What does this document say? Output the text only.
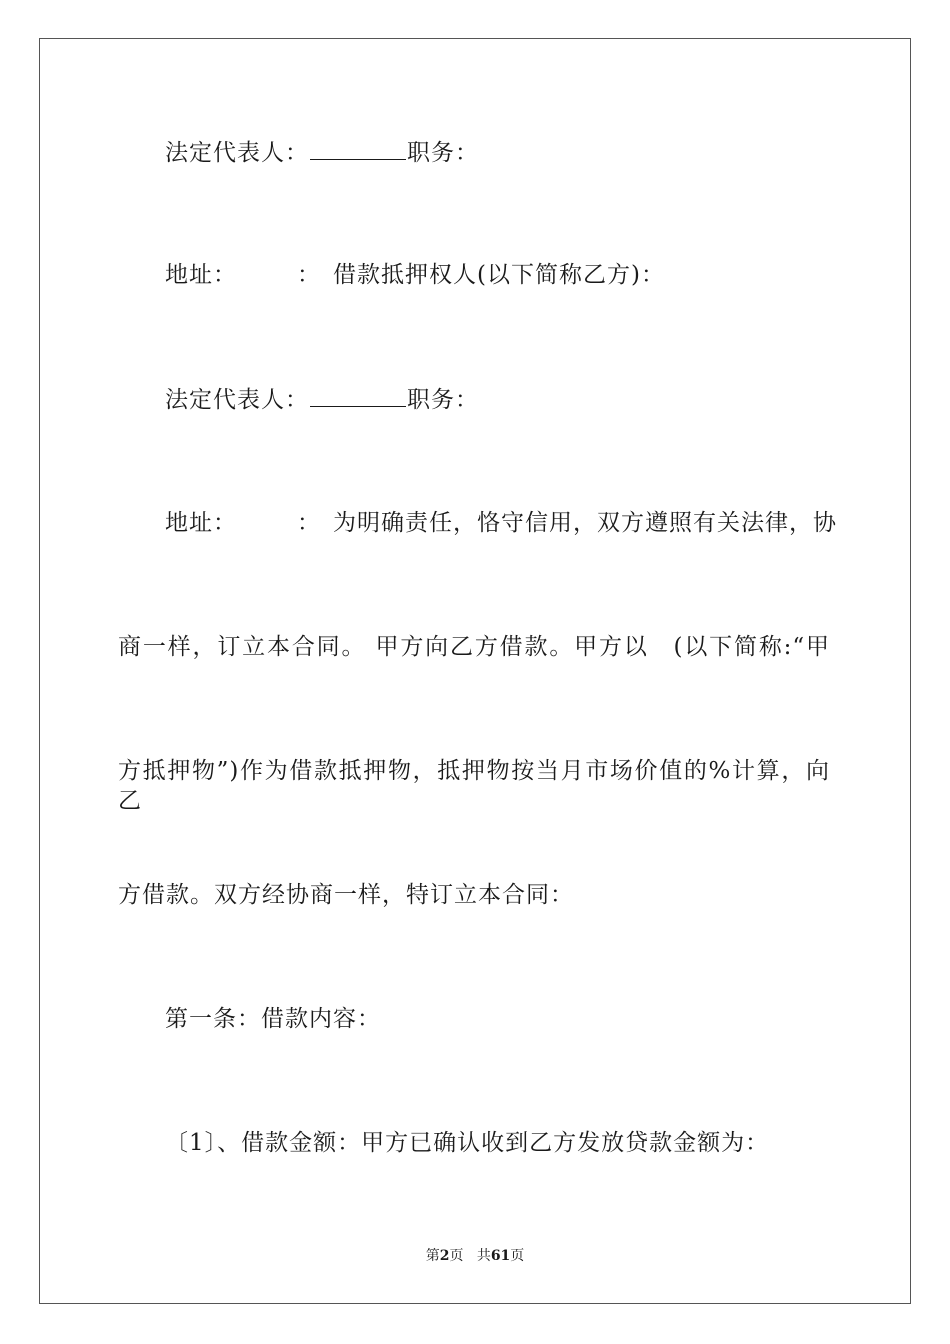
法定代表人：	职务：
地址：	： 借款抵押权人(以下简称乙方)：
法定代表人：	职务：
地址：	： 为明确责任，恪守信用，双方遵照有关法律，协
商一样，订立本合同。 甲方向乙方借款。甲方以　(以下简称:“甲
方抵押物”)作为借款抵押物，抵押物按当月市场价值的%计算，向乙
方借款。双方经协商一样，特订立本合同：
第一条：借款内容：
〔1〕、借款金额：甲方已确认收到乙方发放贷款金额为：
第2页 共61页
